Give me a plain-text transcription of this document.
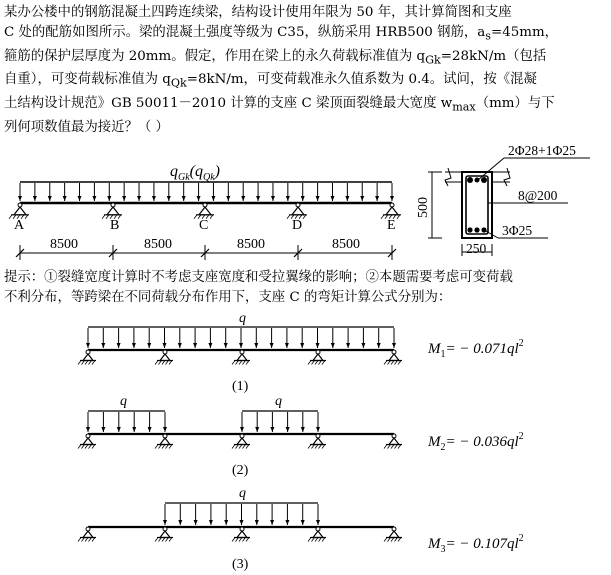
某办公楼中的钢筋混凝土四跨连续梁，结构设计使用年限为 50 年，其计算简图和支座
C 处的配筋如图所示。梁的混凝土强度等级为 C35，纵筋采用 HRB500 钢筋，$a_s=45mm$，
箍筋的保护层厚度为 20mm。假定，作用在梁上的永久荷载标准值为 $q_{Gk}=28kN/m$（包括
自重），可变荷载标准值为 $q_{Qk}=8kN/m$，可变荷载准永久值系数为 0.4。试问，按《混凝
土结构设计规范》GB 50011－2010 计算的支座 C 梁顶面裂缝最大宽度 $w_{max}(mm)$与下
列何项数值最为接近？（ ）
提示：①裂缝宽度计算时不考虑支座宽度和受拉翼缘的影响；②本题需要考虑可变荷载
不利分布，等跨梁在不同荷载分布作用下，支座 C 的弯矩计算公式分别为：
$q_{Gk}(q_{Qk})$
A	B	C	D	E
8500	8500	8500	8500
500
2Φ28+1Φ25
8@200
3Φ25
250
q
(1)
$M_1= - 0.071ql^2$
q	q
(2)
$M_2= - 0.036ql^2$
q
(3)
$M_3= - 0.107ql^2$
